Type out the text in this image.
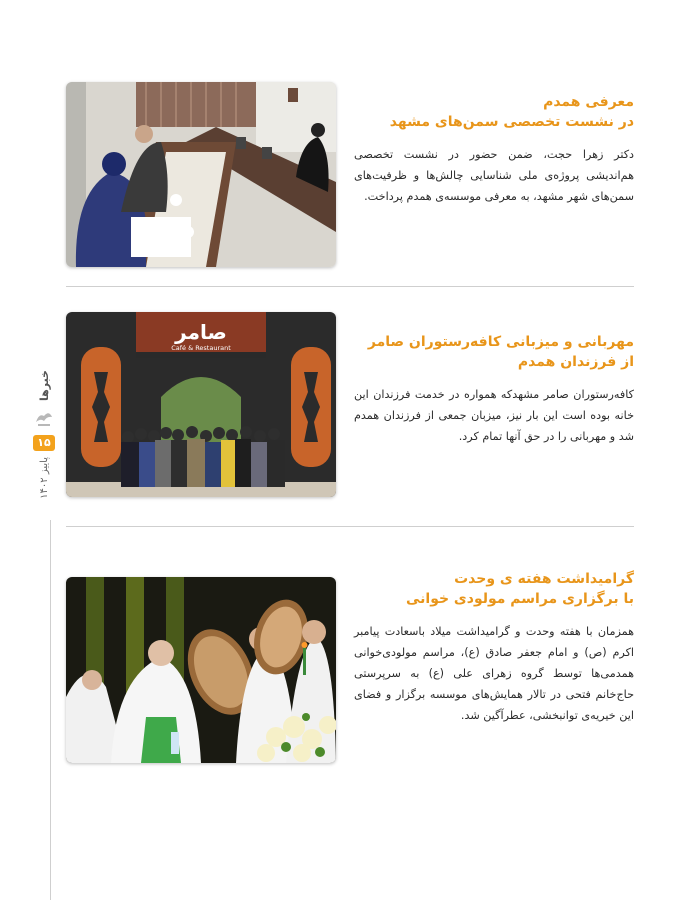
خبرها
۱۵
پاییز ۱۴۰۲
معرفی همدم
در نشست تخصصی سمن‌های مشهد

دکتر زهرا حجت، ضمن حضور در نشست تخصصی هم‌اندیشی پروژه‌ی ملی شناسایی چالش‌ها و ظرفیت‌های سمن‌های شهر مشهد، به معرفی موسسه‌ی همدم پرداخت.

صامر
Café & Restaurant	مهربانی و میزبانی کافه‌رستوران صامر
از فرزندان همدم

کافه‌رستوران صامر مشهدکه همواره در خدمت فرزندان این خانه بوده است این بار نیز، میزبان جمعی از فرزندان همدم شد و مهربانی را در حق آنها تمام کرد.

گرامیداشت هفته ی وحدت
با برگزاری مراسم مولودی خوانی

همزمان با هفته وحدت و گرامیداشت میلاد باسعادت پیامبر اکرم (ص) و امام جعفر صادق (ع)، مراسم مولودی‌خوانی همدمی‌ها توسط گروه زهرای علی (ع) به سرپرستی حاج‌خانم فتحی در تالار همایش‌های موسسه برگزار و فضای این خیریه‌ی توانبخشی، عطرآگین شد.
